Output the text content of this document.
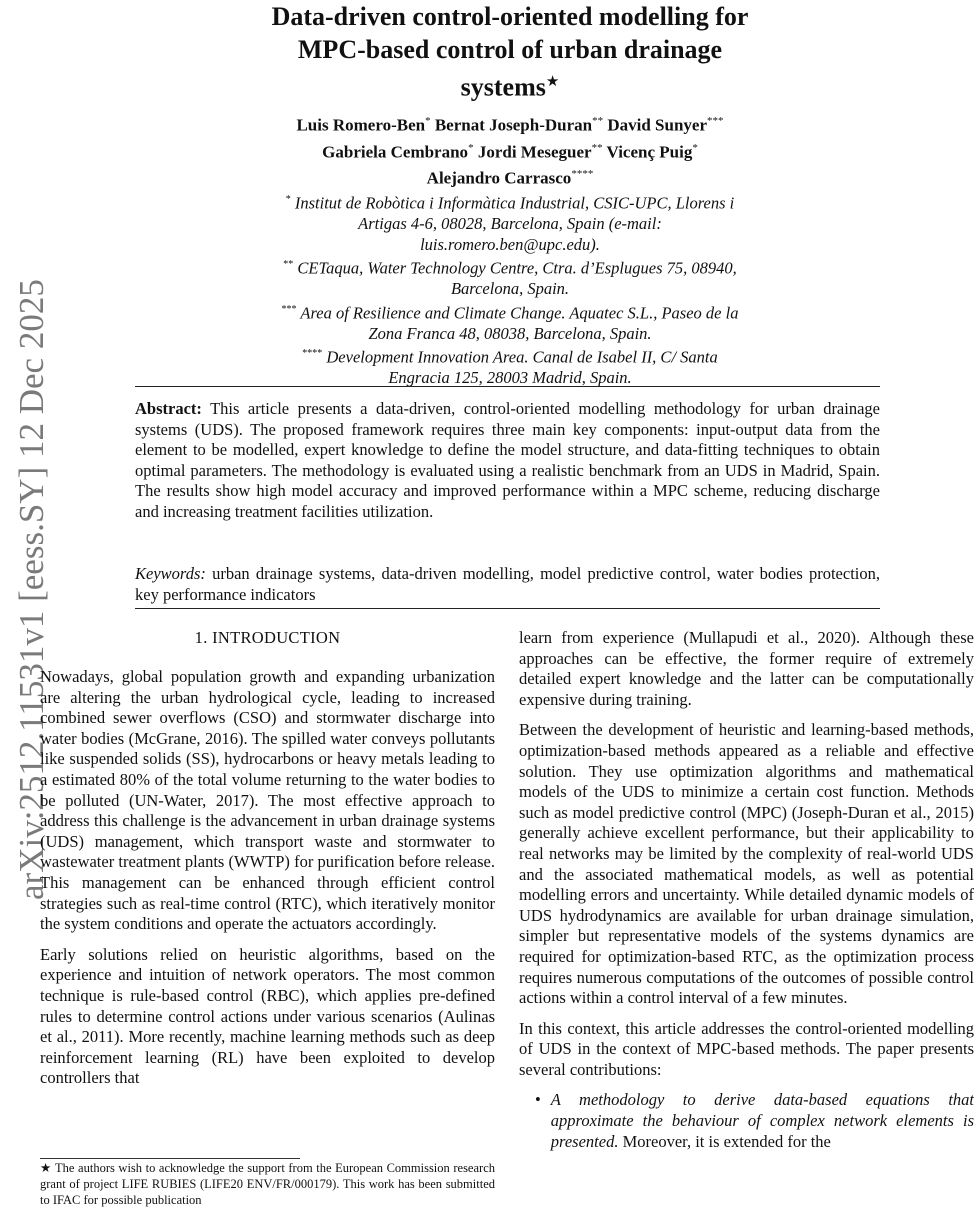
arXiv:2512.11531v1 [eess.SY] 12 Dec 2025
Data-driven control-oriented modelling for
MPC-based control of urban drainage
systems★
Luis Romero-Ben* Bernat Joseph-Duran** David Sunyer***
Gabriela Cembrano* Jordi Meseguer** Vicenç Puig*
Alejandro Carrasco****
* Institut de Robòtica i Informàtica Industrial, CSIC-UPC, Llorens i
Artigas 4-6, 08028, Barcelona, Spain (e-mail:
luis.romero.ben@upc.edu).
** CETaqua, Water Technology Centre, Ctra. d’Esplugues 75, 08940,
Barcelona, Spain.
*** Area of Resilience and Climate Change. Aquatec S.L., Paseo de la
Zona Franca 48, 08038, Barcelona, Spain.
**** Development Innovation Area. Canal de Isabel II, C/ Santa
Engracia 125, 28003 Madrid, Spain.
Abstract: This article presents a data-driven, control-oriented modelling methodology for urban drainage systems (UDS). The proposed framework requires three main key components: input-output data from the element to be modelled, expert knowledge to define the model structure, and data-fitting techniques to obtain optimal parameters. The methodology is evaluated using a realistic benchmark from an UDS in Madrid, Spain. The results show high model accuracy and improved performance within a MPC scheme, reducing discharge and increasing treatment facilities utilization.
Keywords: urban drainage systems, data-driven modelling, model predictive control, water bodies protection, key performance indicators
1. INTRODUCTION

Nowadays, global population growth and expanding urbanization are altering the urban hydrological cycle, leading to increased combined sewer overflows (CSO) and stormwater discharge into water bodies (McGrane, 2016). The spilled water conveys pollutants like suspended solids (SS), hydrocarbons or heavy metals leading to a estimated 80% of the total volume returning to the water bodies to be polluted (UN-Water, 2017). The most effective approach to address this challenge is the advancement in urban drainage systems (UDS) management, which transport waste and stormwater to wastewater treatment plants (WWTP) for purification before release. This management can be enhanced through efficient control strategies such as real-time control (RTC), which iteratively monitor the system conditions and operate the actuators accordingly.

Early solutions relied on heuristic algorithms, based on the experience and intuition of network operators. The most common technique is rule-based control (RBC), which applies pre-defined rules to determine control actions under various scenarios (Aulinas et al., 2011). More recently, machine learning methods such as deep reinforcement learning (RL) have been exploited to develop controllers that

★ The authors wish to acknowledge the support from the European Commission research grant of project LIFE RUBIES (LIFE20 ENV/FR/000179). This work has been submitted to IFAC for possible publication

learn from experience (Mullapudi et al., 2020). Although these approaches can be effective, the former require of extremely detailed expert knowledge and the latter can be computationally expensive during training.

Between the development of heuristic and learning-based methods, optimization-based methods appeared as a reliable and effective solution. They use optimization algorithms and mathematical models of the UDS to minimize a certain cost function. Methods such as model predictive control (MPC) (Joseph-Duran et al., 2015) generally achieve excellent performance, but their applicability to real networks may be limited by the complexity of real-world UDS and the associated mathematical models, as well as potential modelling errors and uncertainty. While detailed dynamic models of UDS hydrodynamics are available for urban drainage simulation, simpler but representative models of the systems dynamics are required for optimization-based RTC, as the optimization process requires numerous computations of the outcomes of possible control actions within a control interval of a few minutes.

In this context, this article addresses the control-oriented modelling of UDS in the context of MPC-based methods. The paper presents several contributions:

• A methodology to derive data-based equations that approximate the behaviour of complex network elements is presented. Moreover, it is extended for the
